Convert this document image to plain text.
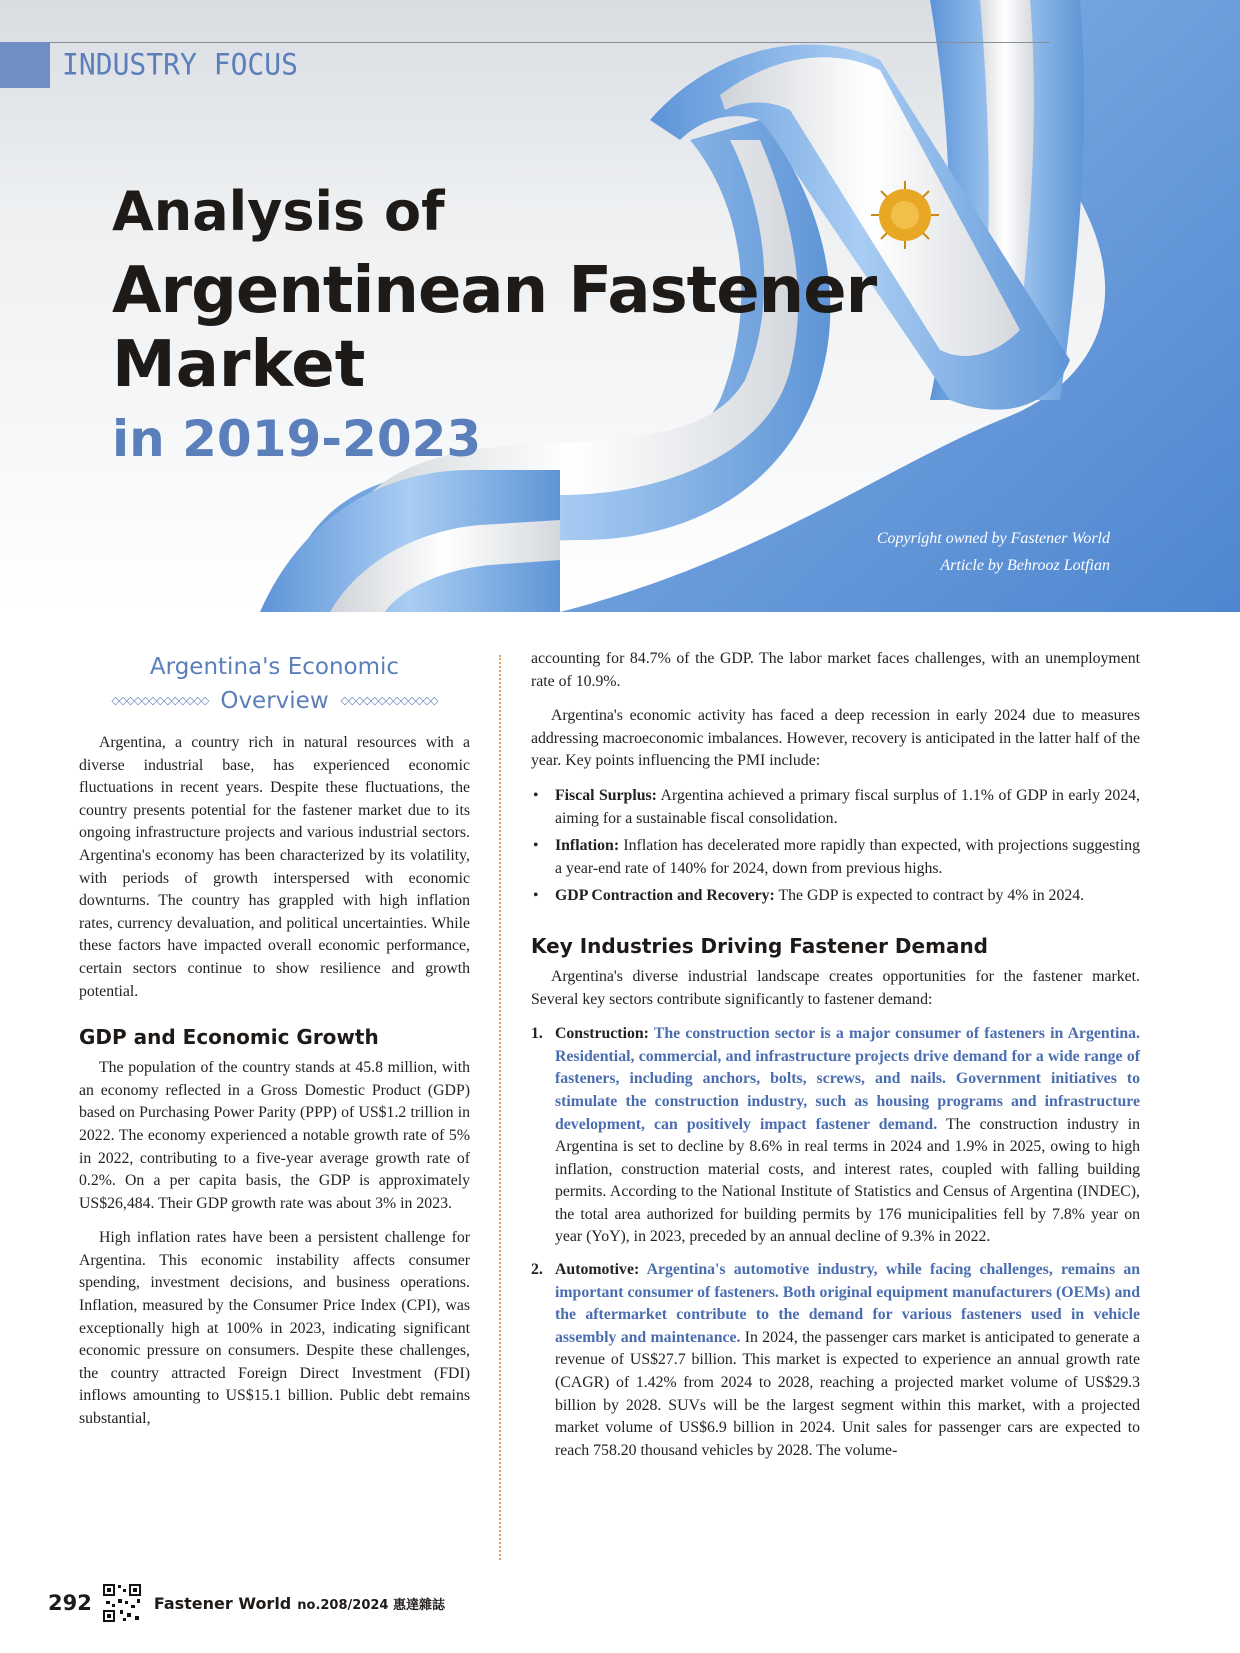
INDUSTRY FOCUS
Analysis of
Argentinean Fastener
Market
in 2019-2023
Copyright owned by Fastener World
Article by Behrooz Lotfian
Argentina's Economic
◇◇◇◇◇◇◇◇◇◇◇◇◇ Overview ◇◇◇◇◇◇◇◇◇◇◇◇◇

Argentina, a country rich in natural resources with a diverse industrial base, has experienced economic fluctuations in recent years. Despite these fluctuations, the country presents potential for the fastener market due to its ongoing infrastructure projects and various industrial sectors. Argentina's economy has been characterized by its volatility, with periods of growth interspersed with economic downturns. The country has grappled with high inflation rates, currency devaluation, and political uncertainties. While these factors have impacted overall economic performance, certain sectors continue to show resilience and growth potential.

GDP and Economic Growth

The population of the country stands at 45.8 million, with an economy reflected in a Gross Domestic Product (GDP) based on Purchasing Power Parity (PPP) of US$1.2 trillion in 2022. The economy experienced a notable growth rate of 5% in 2022, contributing to a five-year average growth rate of 0.2%. On a per capita basis, the GDP is approximately US$26,484. Their GDP growth rate was about 3% in 2023.

High inflation rates have been a persistent challenge for Argentina. This economic instability affects consumer spending, investment decisions, and business operations. Inflation, measured by the Consumer Price Index (CPI), was exceptionally high at 100% in 2023, indicating significant economic pressure on consumers. Despite these challenges, the country attracted Foreign Direct Investment (FDI) inflows amounting to US$15.1 billion. Public debt remains substantial,

accounting for 84.7% of the GDP. The labor market faces challenges, with an unemployment rate of 10.9%.

Argentina's economic activity has faced a deep recession in early 2024 due to measures addressing macroeconomic imbalances. However, recovery is anticipated in the latter half of the year. Key points influencing the PMI include:

• Fiscal Surplus: Argentina achieved a primary fiscal surplus of 1.1% of GDP in early 2024, aiming for a sustainable fiscal consolidation.
• Inflation: Inflation has decelerated more rapidly than expected, with projections suggesting a year-end rate of 140% for 2024, down from previous highs.
• GDP Contraction and Recovery: The GDP is expected to contract by 4% in 2024.
Key Industries Driving Fastener Demand

Argentina's diverse industrial landscape creates opportunities for the fastener market. Several key sectors contribute significantly to fastener demand:

1. Construction: The construction sector is a major consumer of fasteners in Argentina. Residential, commercial, and infrastructure projects drive demand for a wide range of fasteners, including anchors, bolts, screws, and nails. Government initiatives to stimulate the construction industry, such as housing programs and infrastructure development, can positively impact fastener demand. The construction industry in Argentina is set to decline by 8.6% in real terms in 2024 and 1.9% in 2025, owing to high inflation, construction material costs, and interest rates, coupled with falling building permits. According to the National Institute of Statistics and Census of Argentina (INDEC), the total area authorized for building permits by 176 municipalities fell by 7.8% year on year (YoY), in 2023, preceded by an annual decline of 9.3% in 2022.
2. Automotive: Argentina's automotive industry, while facing challenges, remains an important consumer of fasteners. Both original equipment manufacturers (OEMs) and the aftermarket contribute to the demand for various fasteners used in vehicle assembly and maintenance. In 2024, the passenger cars market is anticipated to generate a revenue of US$27.7 billion. This market is expected to experience an annual growth rate (CAGR) of 1.42% from 2024 to 2028, reaching a projected market volume of US$29.3 billion by 2028. SUVs will be the largest segment within this market, with a projected market volume of US$6.9 billion in 2024. Unit sales for passenger cars are expected to reach 758.20 thousand vehicles by 2028. The volume-
292	Fastener World no.208/2024 惠達雜誌
